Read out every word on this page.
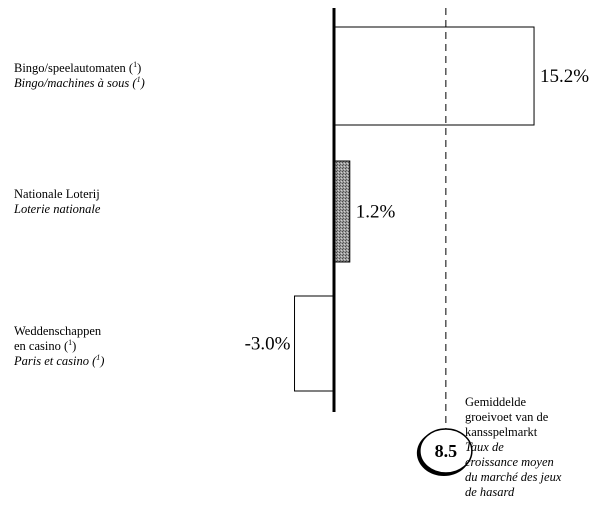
8.5
15.2%
1.2%
-3.0%
Bingo/speelautomaten ($^1$)
Bingo/machines à sous ($^1$)
Nationale Loterij
Loterie nationale
Weddenschappen
en casino ($^1$)
Paris et casino ($^1$)
Gemiddelde
groeivoet van de
kansspelmarkt
Taux de
croissance moyen
du marché des jeux
de hasard
